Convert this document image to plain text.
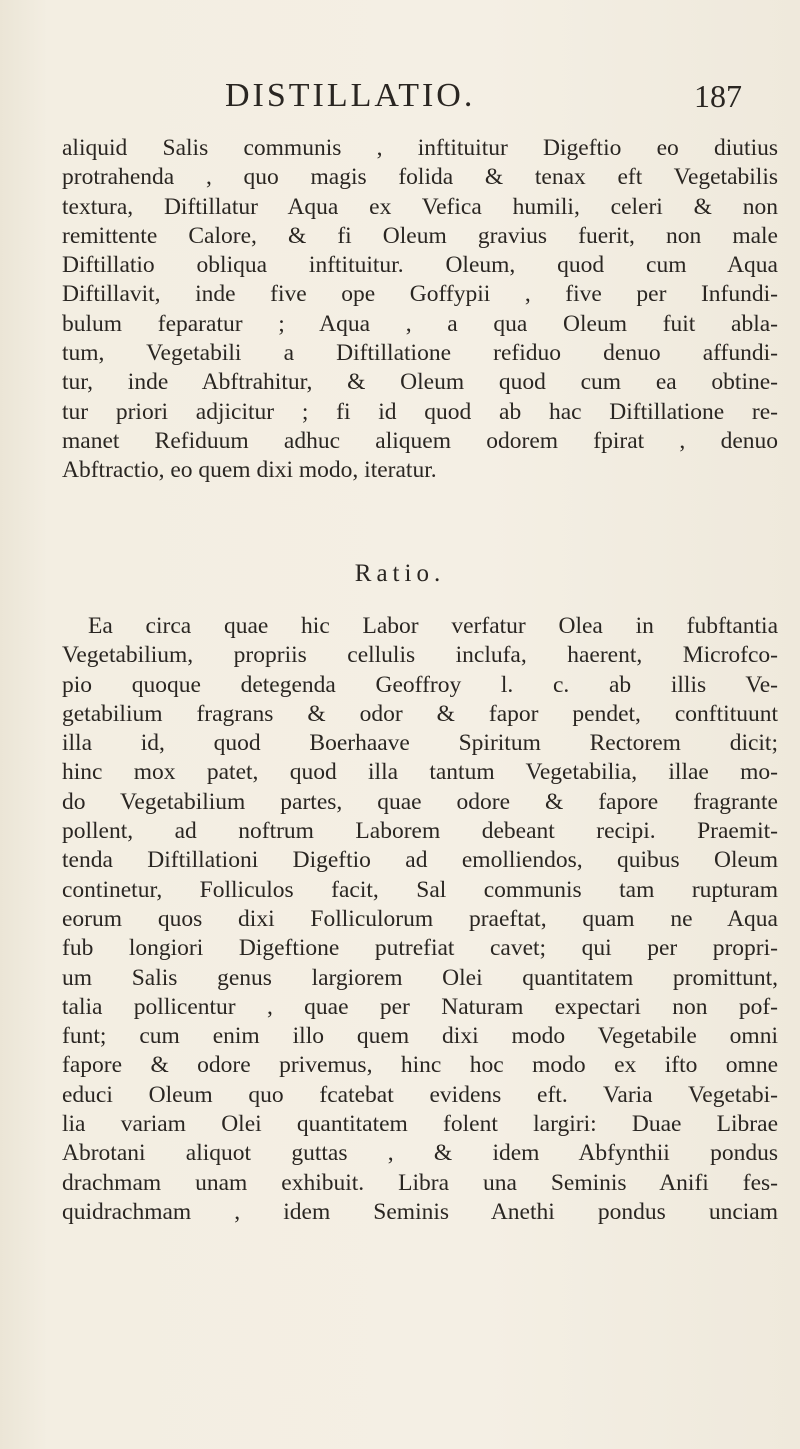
DISTILLATIO.	187
aliquid Salis communis , inftituitur Digeftio eo diutius
protrahenda , quo magis folida & tenax eft Vegetabilis
textura, Diftillatur Aqua ex Vefica humili, celeri & non
remittente Calore, & fi Oleum gravius fuerit, non male
Diftillatio obliqua inftituitur. Oleum, quod cum Aqua
Diftillavit, inde five ope Goffypii , five per Infundi-
bulum feparatur ; Aqua , a qua Oleum fuit abla-
tum, Vegetabili a Diftillatione refiduo denuo affundi-
tur, inde Abftrahitur, & Oleum quod cum ea obtine-
tur priori adjicitur ; fi id quod ab hac Diftillatione re-
manet Refiduum adhuc aliquem odorem fpirat , denuo
Abftractio, eo quem dixi modo, iteratur.
Ratio.
Ea circa quae hic Labor verfatur Olea in fubftantia
Vegetabilium, propriis cellulis inclufa, haerent, Microfco-
pio quoque detegenda Geoffroy l. c. ab illis Ve-
getabilium fragrans & odor & fapor pendet, conftituunt
illa id, quod Boerhaave Spiritum Rectorem dicit;
hinc mox patet, quod illa tantum Vegetabilia, illae mo-
do Vegetabilium partes, quae odore & fapore fragrante
pollent, ad noftrum Laborem debeant recipi. Praemit-
tenda Diftillationi Digeftio ad emolliendos, quibus Oleum
continetur, Folliculos facit, Sal communis tam rupturam
eorum quos dixi Folliculorum praeftat, quam ne Aqua
fub longiori Digeftione putrefiat cavet; qui per propri-
um Salis genus largiorem Olei quantitatem promittunt,
talia pollicentur , quae per Naturam expectari non pof-
funt; cum enim illo quem dixi modo Vegetabile omni
fapore & odore privemus, hinc hoc modo ex ifto omne
educi Oleum quo fcatebat evidens eft. Varia Vegetabi-
lia variam Olei quantitatem folent largiri: Duae Librae
Abrotani aliquot guttas , & idem Abfynthii pondus
drachmam unam exhibuit. Libra una Seminis Anifi fes-
quidrachmam , idem Seminis Anethi pondus unciam
